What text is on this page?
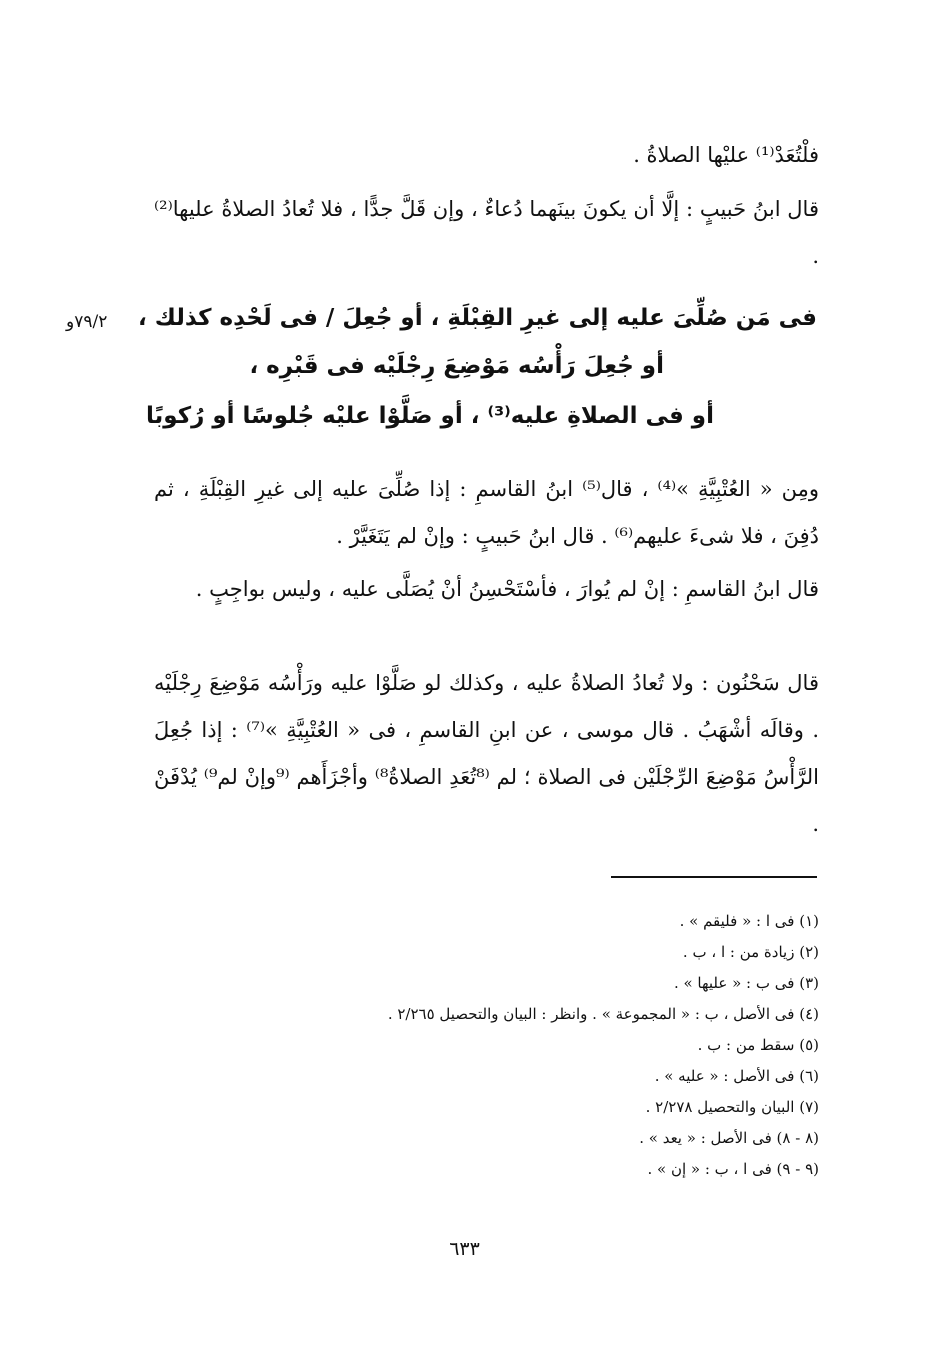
فلْتُعَدْ⁽¹⁾ عليْها الصلاةُ .
قال ابنُ حَبيبٍ : إلَّا أن يكونَ بينَهما دُعاءٌ ، وإن قَلَّ جدًّا ، فلا تُعادُ الصلاةُ عليها⁽²⁾ .
٧٩/٢و فى مَن صُلِّىَ عليه إلى غيرِ القِبْلَةِ ، أو جُعِلَ / فى لَحْدِه كذلك ،
أو جُعِلَ رَأْسُه مَوْضِعَ رِجْلَيْه فى قَبْرِه ،
أو فى الصلاةِ عليه⁽³⁾ ، أو صَلَّوْا عليْه جُلوسًا أو رُكوبًا
ومِن « العُتْبِيَّةِ »⁽⁴⁾ ، قال⁽⁵⁾ ابنُ القاسمِ : إذا صُلِّىَ عليه إلى غيرِ القِبْلَةِ ، ثم دُفِنَ ، فلا شىءَ عليهم⁽⁶⁾ . قال ابنُ حَبيبٍ : وإنْ لم يَتَغَيَّرْ .
قال ابنُ القاسمِ : إنْ لم يُوارَ ، فأسْتَحْسِنُ أنْ يُصَلَّى عليه ، وليس بواجِبٍ .
قال سَحْنُون : ولا تُعادُ الصلاةُ عليه ، وكذلك لو صَلَّوْا عليه ورَأْسُه مَوْضِعَ رِجْلَيْه . وقالَه أشْهَبُ . قال موسى ، عن ابنِ القاسمِ ، فى « العُتْبِيَّةِ »⁽⁷⁾ : إذا جُعِلَ الرَّأْسُ مَوْضِعَ الرِّجْلَيْن فى الصلاة ؛ لم ⁽⁸تُعَدِ الصلاةُ⁸⁾ وأجْزَأَهم ⁽⁹وإنْ لم⁹⁾ يُدْفَنْ .
(١) فى ا : « فليقم » .
(٢) زيادة من : ا ، ب .
(٣) فى ب : « عليها » .
(٤) فى الأصل ، ب : « المجموعة » . وانظر : البيان والتحصيل ٢/٢٦٥ .
(٥) سقط من : ب .
(٦) فى الأصل : « عليه » .
(٧) البيان والتحصيل ٢/٢٧٨ .
(٨ - ٨) فى الأصل : « يعد » .
(٩ - ٩) فى ا ، ب : « إن » .
٦٣٣
